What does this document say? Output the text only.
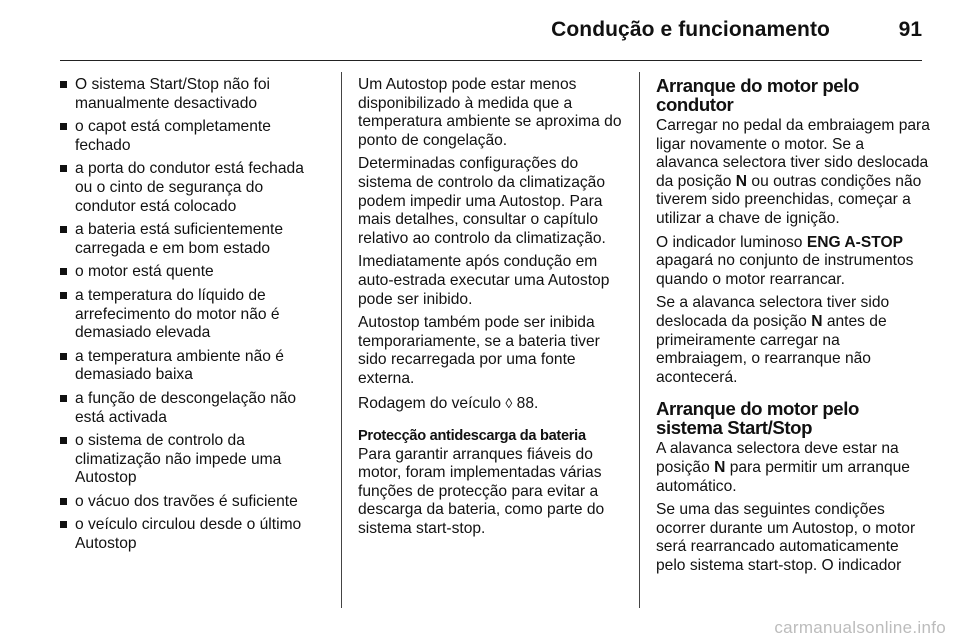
Condução e funcionamento	91
O sistema Start/Stop não foi manualmente desactivado
o capot está completamente fechado
a porta do condutor está fechada ou o cinto de segurança do condutor está colocado
a bateria está suficientemente carregada e em bom estado
o motor está quente
a temperatura do líquido de arrefecimento do motor não é demasiado elevada
a temperatura ambiente não é demasiado baixa
a função de descongelação não está activada
o sistema de controlo da climatização não impede uma Autostop
o vácuo dos travões é suficiente
o veículo circulou desde o último Autostop

Um Autostop pode estar menos disponibilizado à medida que a temperatura ambiente se aproxima do ponto de congelação.

Determinadas configurações do sistema de controlo da climatização podem impedir uma Autostop. Para mais detalhes, consultar o capítulo relativo ao controlo da climatização.

Imediatamente após condução em auto-estrada executar uma Autostop pode ser inibido.

Autostop também pode ser inibida temporariamente, se a bateria tiver sido recarregada por uma fonte externa.

Rodagem do veículo ◊ 88.

Protecção antidescarga da bateria

Para garantir arranques fiáveis do motor, foram implementadas várias funções de protecção para evitar a descarga da bateria, como parte do sistema start-stop.

Arranque do motor pelo condutor

Carregar no pedal da embraiagem para ligar novamente o motor. Se a alavanca selectora tiver sido deslocada da posição N ou outras condições não tiverem sido preenchidas, começar a utilizar a chave de ignição.

O indicador luminoso ENG A-STOP apagará no conjunto de instrumentos quando o motor rearrancar.

Se a alavanca selectora tiver sido deslocada da posição N antes de primeiramente carregar na embraiagem, o rearranque não acontecerá.

Arranque do motor pelo sistema Start/Stop

A alavanca selectora deve estar na posição N para permitir um arranque automático.

Se uma das seguintes condições ocorrer durante um Autostop, o motor será rearrancado automaticamente pelo sistema start-stop. O indicador

carmanualsonline.info
